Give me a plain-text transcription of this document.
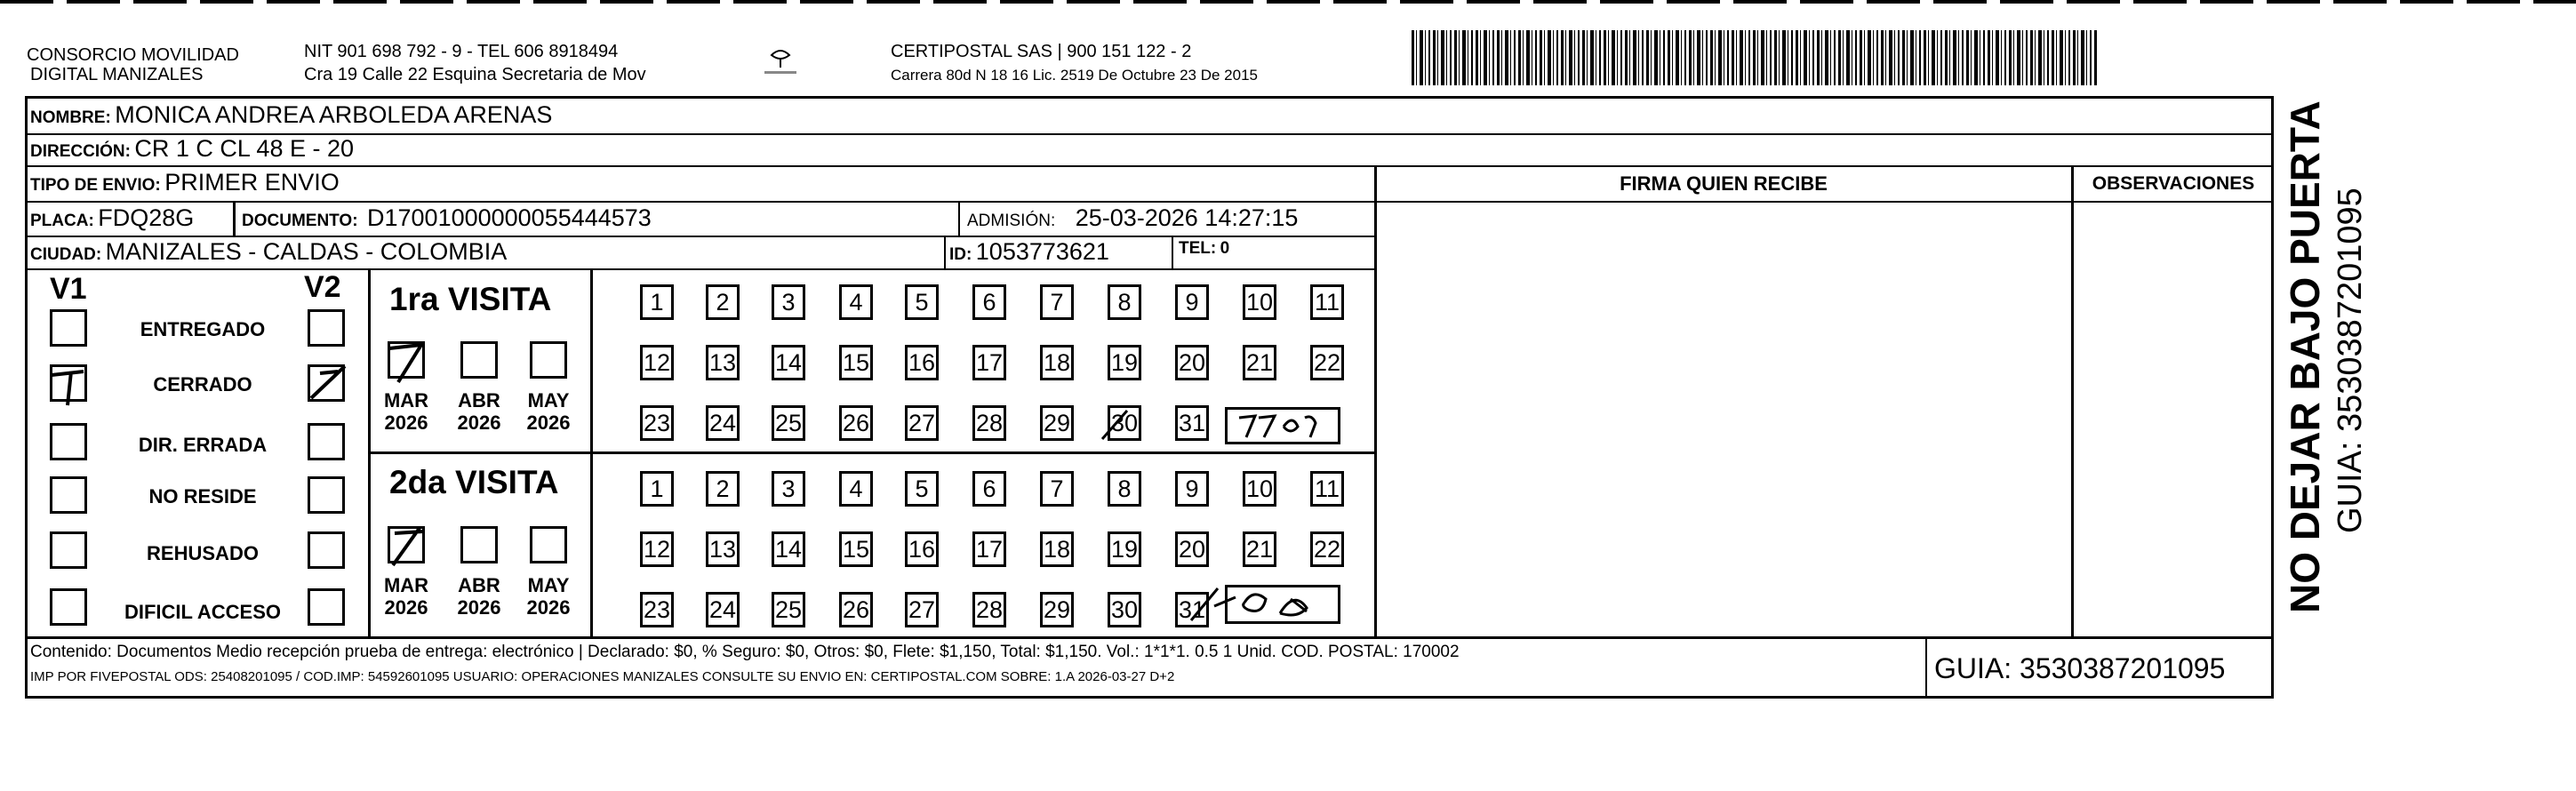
CONSORCIO MOVILIDAD
DIGITAL MANIZALES
NIT 901 698 792 - 9 - TEL 606 8918494
Cra 19 Calle 22 Esquina Secretaria de Mov
CERTIPOSTAL SAS | 900 151 122 - 2
Carrera 80d N 18 16 Lic. 2519 De Octubre 23 De 2015
NOMBRE: MONICA ANDREA ARBOLEDA ARENAS
DIRECCIÓN: CR 1 C CL 48 E - 20
TIPO DE ENVIO: PRIMER ENVIO
PLACA: FDQ28G	DOCUMENTO: D17001000000055444573	ADMISIÓN: 25-03-2026 14:27:15
CIUDAD: MANIZALES - CALDAS - COLOMBIA	ID: 1053773621	TEL: 0
FIRMA QUIEN RECIBE	OBSERVACIONES
V1	V2
ENTREGADO
CERRADO
DIR. ERRADA
NO RESIDE
REHUSADO
DIFICIL ACCESO
1ra VISITA
2da VISITA
MAR
2026
ABR
2026
MAY
2026
MAR
2026
ABR
2026
MAY
2026
1	2	3	4	5	6	7	8	9	10 11
12 13 14 15 16 17 18 19 20 21 22
23 24 25 26 27 28 29 30 31
1	2	3	4	5	6	7	8	9	10 11
12 13 14 15 16 17 18 19 20 21 22
23 24 25 26 27 28 29 30 31
Contenido: Documentos Medio recepción prueba de entrega: electrónico | Declarado: $0, % Seguro: $0, Otros: $0, Flete: $1,150, Total: $1,150. Vol.: 1*1*1. 0.5 1 Unid. COD. POSTAL: 170002
IMP POR FIVEPOSTAL ODS: 25408201095 / COD.IMP: 54592601095 USUARIO: OPERACIONES MANIZALES CONSULTE SU ENVIO EN: CERTIPOSTAL.COM SOBRE: 1.A 2026-03-27 D+2	GUIA: 3530387201095
NO DEJAR BAJO PUERTA GUIA: 3530387201095
